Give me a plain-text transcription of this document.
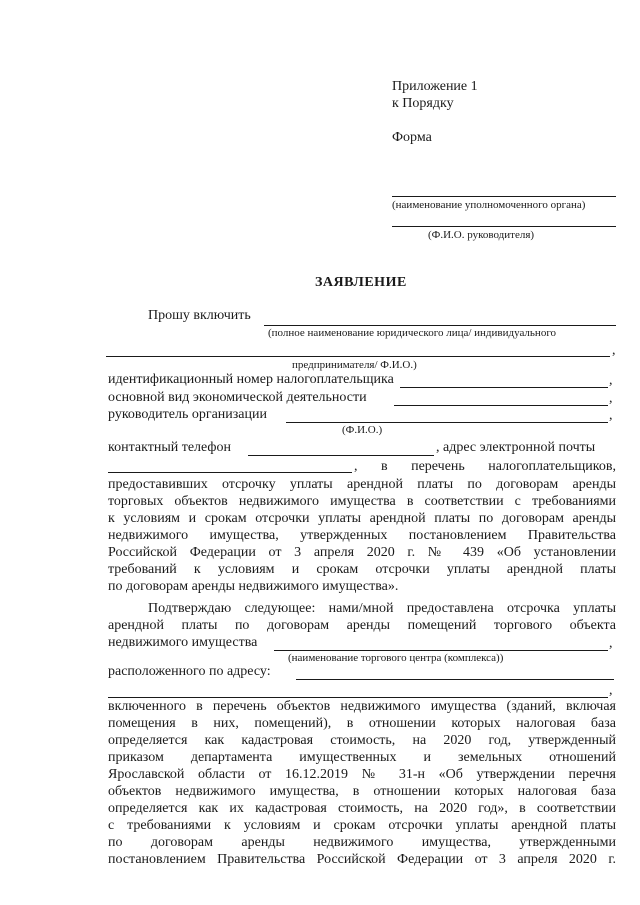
Приложение 1
к Порядку
Форма
(наименование уполномоченного органа)
(Ф.И.О. руководителя)
ЗАЯВЛЕНИЕ
Прошу включить
(полное наименование юридического лица/ индивидуального
,
предпринимателя/ Ф.И.О.)
идентификационный номер налогоплательщика	,
основной вид экономической деятельности	,
руководитель организации	,
(Ф.И.О.)
контактный телефон	, адрес электронной почты
, в перечень налогоплательщиков,
предоставивших отсрочку уплаты арендной платы по договорам аренды
торговых объектов недвижимого имущества в соответствии с требованиями
к условиям и срокам отсрочки уплаты арендной платы по договорам аренды
недвижимого имущества, утвержденных постановлением Правительства
Российской Федерации от 3 апреля 2020 г. № 439 «Об установлении
требований к условиям и срокам отсрочки уплаты арендной платы
по договорам аренды недвижимого имущества».
Подтверждаю следующее: нами/мной предоставлена отсрочка уплаты
арендной платы по договорам аренды помещений торгового объекта
недвижимого имущества	,
(наименование торгового центра (комплекса))
расположенного по адресу:
,
включенного в перечень объектов недвижимого имущества (зданий, включая
помещения в них, помещений), в отношении которых налоговая база
определяется как кадастровая стоимость, на 2020 год, утвержденный
приказом департамента имущественных и земельных отношений
Ярославской области от 16.12.2019 № 31-н «Об утверждении перечня
объектов недвижимого имущества, в отношении которых налоговая база
определяется как их кадастровая стоимость, на 2020 год», в соответствии
с требованиями к условиям и срокам отсрочки уплаты арендной платы
по договорам аренды недвижимого имущества, утвержденными
постановлением Правительства Российской Федерации от 3 апреля 2020 г.
